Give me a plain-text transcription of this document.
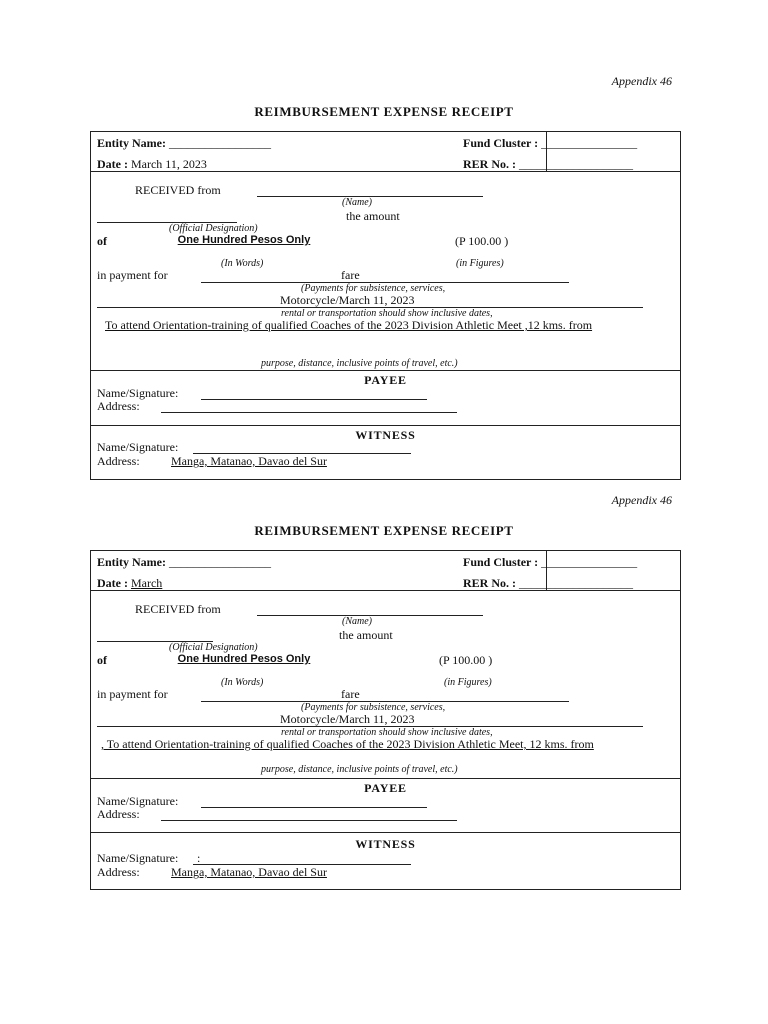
Appendix 46
REIMBURSEMENT EXPENSE RECEIPT
Entity Name: _________________	Fund Cluster : ________________
Date : March 11, 2023	RER No. : ___________________
RECEIVED from
(Name)
the amount
(Official Designation)
of	One Hundred Pesos Only	(P 100.00 )
(In Words)	(in Figures)
in payment for	fare
(Payments for subsistence, services,
Motorcycle/March 11, 2023
rental or transportation should show inclusive dates,
To attend Orientation-training of qualified Coaches of the 2023 Division Athletic Meet ,12 kms. from
purpose, distance, inclusive points of travel, etc.)
PAYEE
Name/Signature:
Address:
WITNESS
Name/Signature:
Address:	Manga, Matanao, Davao del Sur
Appendix 46
REIMBURSEMENT EXPENSE RECEIPT
Entity Name: _________________	Fund Cluster : ________________
Date : March	RER No. : ___________________
RECEIVED from
(Name)
the amount
(Official Designation)
of	One Hundred Pesos Only	(P 100.00 )
(In Words)	(in Figures)
in payment for	fare
(Payments for subsistence, services,
Motorcycle/March 11, 2023
rental or transportation should show inclusive dates,
, To attend Orientation-training of qualified Coaches of the 2023 Division Athletic Meet, 12 kms. from
purpose, distance, inclusive points of travel, etc.)
PAYEE
Name/Signature:
Address:
WITNESS
Name/Signature: :
Address:	Manga, Matanao, Davao del Sur
